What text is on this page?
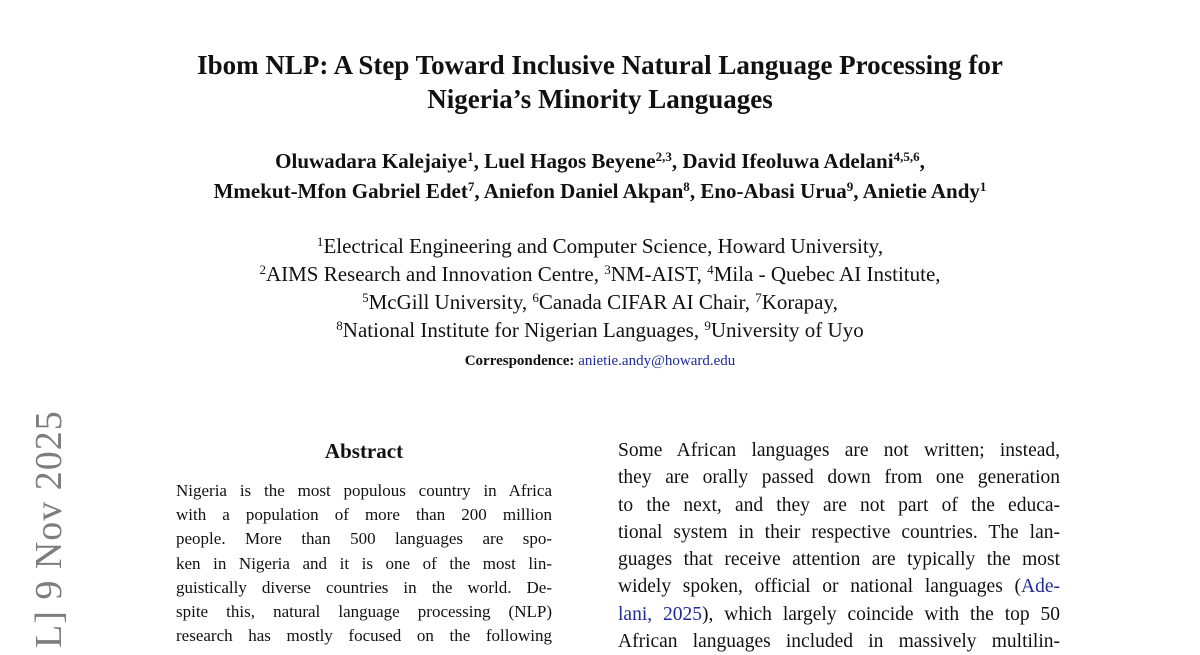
L] 9 Nov 2025
Ibom NLP: A Step Toward Inclusive Natural Language Processing for
Nigeria’s Minority Languages
Oluwadara Kalejaiye$^1$, Luel Hagos Beyene$^{2,3}$, David Ifeoluwa Adelani$^{4,5,6}$,
Mmekut-Mfon Gabriel Edet$^7$, Aniefon Daniel Akpan$^8$, Eno-Abasi Urua$^9$, Anietie Andy$^1$
$^1$Electrical Engineering and Computer Science, Howard University,
$^2$AIMS Research and Innovation Centre, $^3$NM-AIST, $^4$Mila - Quebec AI Institute,
$^5$McGill University, $^6$Canada CIFAR AI Chair, $^7$Korapay,
$^8$National Institute for Nigerian Languages, $^9$University of Uyo
Correspondence: anietie.andy@howard.edu
Abstract
Nigeria is the most populous country in Africa
with a population of more than 200 million
people. More than 500 languages are spo-
ken in Nigeria and it is one of the most lin-
guistically diverse countries in the world. De-
spite this, natural language processing (NLP)
research has mostly focused on the following
Some African languages are not written; instead,
they are orally passed down from one generation
to the next, and they are not part of the educa-
tional system in their respective countries. The lan-
guages that receive attention are typically the most
widely spoken, official or national languages (Ade-
lani, 2025), which largely coincide with the top 50
African languages included in massively multilin-
